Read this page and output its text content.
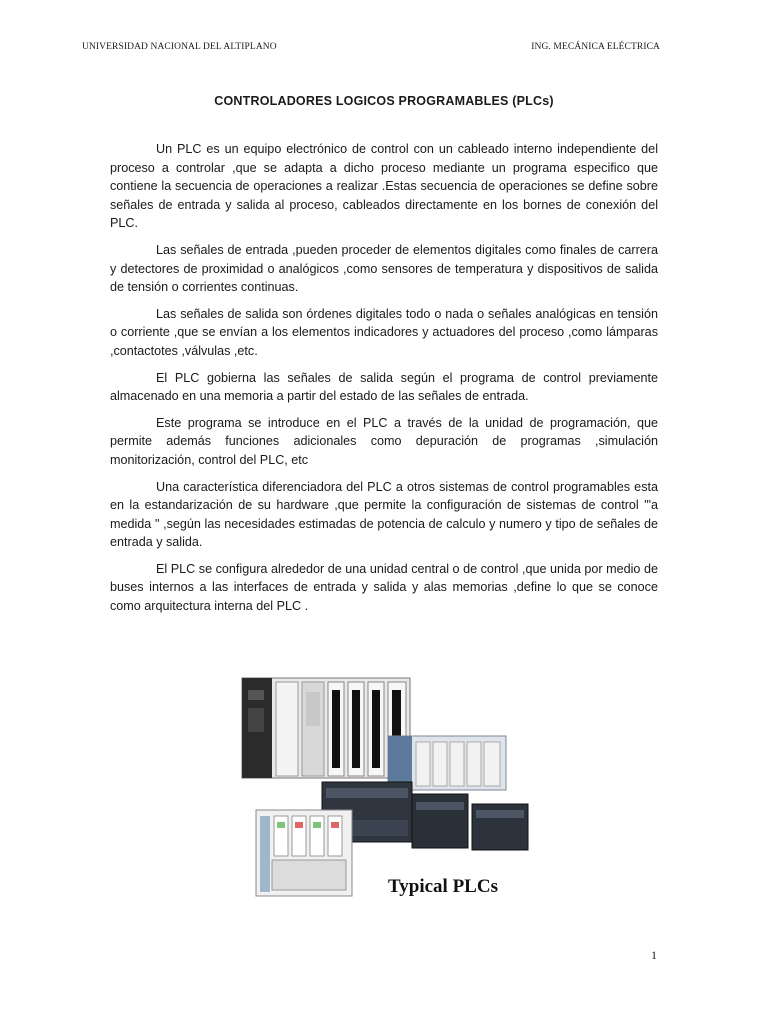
UNIVERSIDAD NACIONAL DEL ALTIPLANO	ING. MECÁNICA ELÉCTRICA
CONTROLADORES LOGICOS PROGRAMABLES (PLCs)

Un PLC es un equipo electrónico de control con un cableado interno independiente del proceso a controlar ,que se adapta a dicho proceso mediante un programa especifico que contiene la secuencia de operaciones a realizar .Estas secuencia de operaciones se define sobre señales de entrada y salida al proceso, cableados directamente en los bornes de conexión del PLC.

Las señales de entrada ,pueden proceder de elementos digitales como finales de carrera y detectores de proximidad o analógicos ,como sensores de temperatura y dispositivos de salida de tensión o corrientes continuas.

Las señales de salida son órdenes digitales todo o nada o señales analógicas en tensión o corriente ,que se envían a los elementos indicadores y actuadores del proceso ,como lámparas ,contactotes ,válvulas ,etc.

El PLC gobierna las señales de salida según el programa de control previamente almacenado en una memoria a partir del estado de las señales de entrada.

Este programa se introduce en el PLC a través de la unidad de programación, que permite además funciones adicionales como depuración de programas ,simulación monitorización, control del PLC, etc

Una característica diferenciadora del PLC a otros sistemas de control programables esta en la estandarización de su hardware ,que permite la configuración de sistemas de control '"a medida " ,según las necesidades estimadas de potencia de calculo y numero y tipo de señales de entrada y salida.

El PLC se configura alrededor de una unidad central o de control ,que unida por medio de buses internos a las interfaces de entrada y salida y alas memorias ,define lo que se conoce como arquitectura interna del PLC .

Typical PLCs
1
